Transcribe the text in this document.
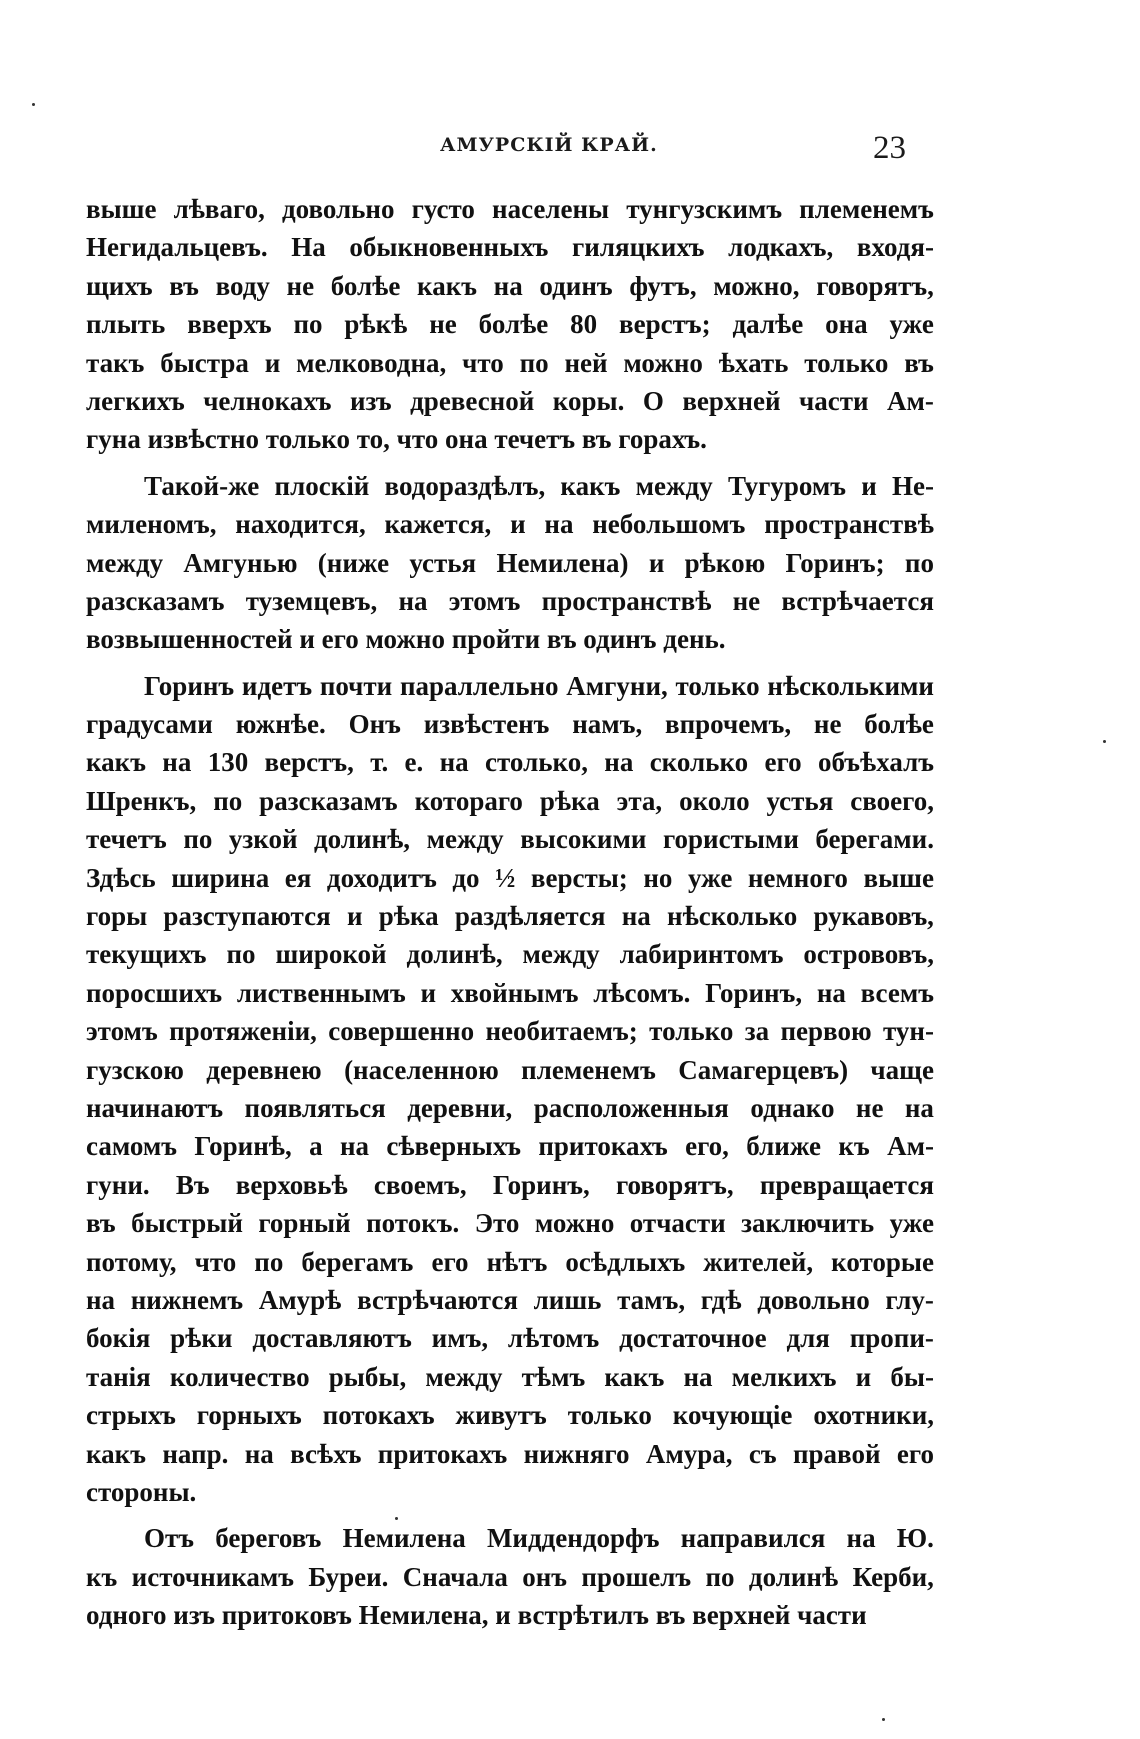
АМУРСКІЙ КРАЙ.	23
выше лѣваго, довольно густо населены тунгузскимъ племенемъ
Негидальцевъ. На обыкновенныхъ гиляцкихъ лодкахъ, входя-
щихъ въ воду не болѣе какъ на одинъ футъ, можно, говорятъ,
плыть вверхъ по рѣкѣ не болѣе 80 верстъ; далѣе она уже
такъ быстра и мелководна, что по ней можно ѣхать только въ
легкихъ челнокахъ изъ древесной коры. О верхней части Ам-
гуна извѣстно только то, что она течетъ въ горахъ.
Такой-же плоскій водораздѣлъ, какъ между Тугуромъ и Не-
миленомъ, находится, кажется, и на небольшомъ пространствѣ
между Амгунью (ниже устья Немилена) и рѣкою Горинъ; по
разсказамъ туземцевъ, на этомъ пространствѣ не встрѣчается
возвышенностей и его можно пройти въ одинъ день.
Горинъ идетъ почти параллельно Амгуни, только нѣсколькими
градусами южнѣе. Онъ извѣстенъ намъ, впрочемъ, не болѣе
какъ на 130 верстъ, т. е. на столько, на сколько его объѣхалъ
Шренкъ, по разсказамъ котораго рѣка эта, около устья своего,
течетъ по узкой долинѣ, между высокими гористыми берегами.
Здѣсь ширина ея доходитъ до ½ версты; но уже немного выше
горы разступаются и рѣка раздѣляется на нѣсколько рукавовъ,
текущихъ по широкой долинѣ, между лабиринтомъ острововъ,
поросшихъ лиственнымъ и хвойнымъ лѣсомъ. Горинъ, на всемъ
этомъ протяженіи, совершенно необитаемъ; только за первою тун-
гузскою деревнею (населенною племенемъ Самагерцевъ) чаще
начинаютъ появляться деревни, расположенныя однако не на
самомъ Горинѣ, а на сѣверныхъ притокахъ его, ближе къ Ам-
гуни. Въ верховьѣ своемъ, Горинъ, говорятъ, превращается
въ быстрый горный потокъ. Это можно отчасти заключить уже
потому, что по берегамъ его нѣтъ осѣдлыхъ жителей, которые
на нижнемъ Амурѣ встрѣчаются лишь тамъ, гдѣ довольно глу-
бокія рѣки доставляютъ имъ, лѣтомъ достаточное для пропи-
танія количество рыбы, между тѣмъ какъ на мелкихъ и бы-
стрыхъ горныхъ потокахъ живутъ только кочующіе охотники,
какъ напр. на всѣхъ притокахъ нижняго Амура, съ правой его
стороны.
Отъ береговъ Немилена Миддендорфъ направился на Ю.
къ источникамъ Буреи. Сначала онъ прошелъ по долинѣ Керби,
одного изъ притоковъ Немилена, и встрѣтилъ въ верхней части
